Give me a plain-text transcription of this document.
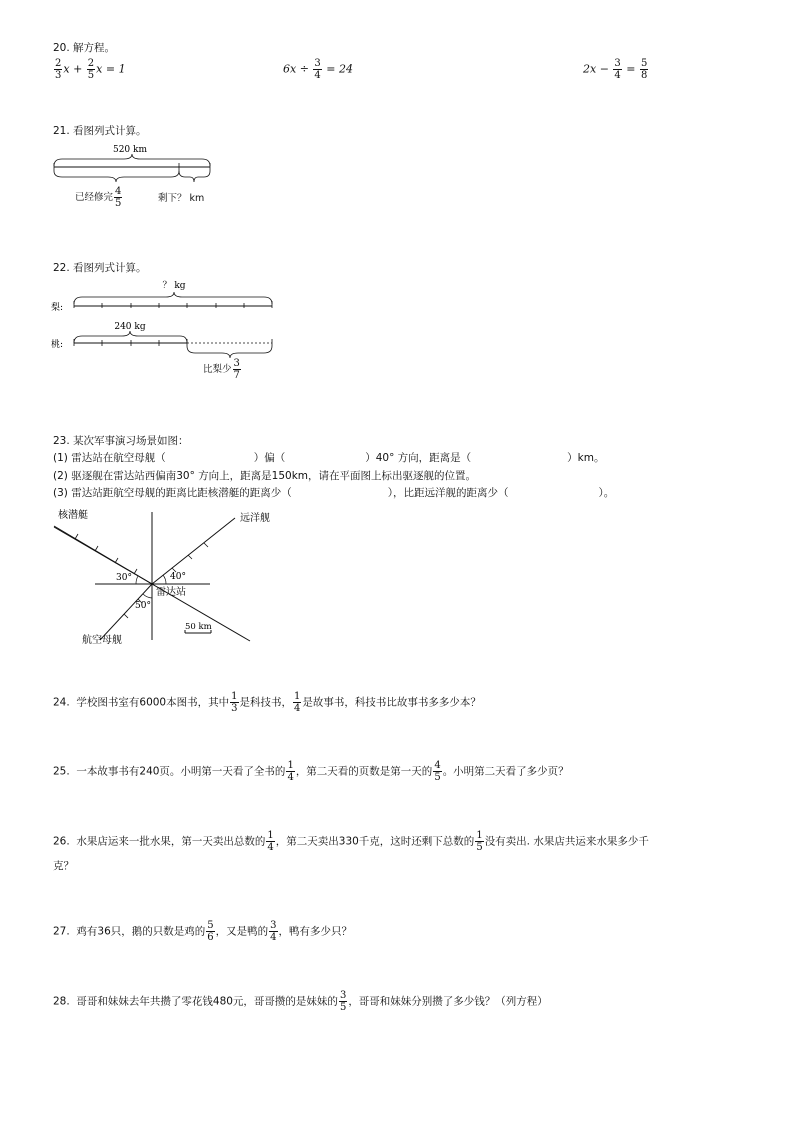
20. 解方程。
$\frac{2}{3}$ $x + \frac{2}{5}$ x = 1	$6x \div \frac{3}{4} = 24$	$2x - \frac{3}{4} = \frac{5}{8}$
21. 看图列式计算。
520 km
已经修完 $\frac{4}{5}$	剩下？ km
22. 看图列式计算。
梨:
？ kg
桃:
240 kg
比梨少 $\frac{3}{7}$
23. 某次军事演习场景如图：
(1) 雷达站在航空母舰（	）偏（	）40° 方向，距离是（	）km。
(2) 驱逐舰在雷达站西偏南30° 方向上，距离是150km，请在平面图上标出驱逐舰的位置。
(3) 雷达站距航空母舰的距离比距核潜艇的距离少（	），比距远洋舰的距离少（	）。
30°	40°
50°
核潜艇	远洋舰
雷达站
航空母舰
50 km
24. 学校图书室有6000本图书，其中 $\frac{1}{3}$ 是科技书， $\frac{1}{4}$ 是故事书，科技书比故事书多多少本？
25. 一本故事书有240页。小明第一天看了全书的 $\frac{1}{4}$ ，第二天看的页数是第一天的 $\frac{4}{5}$ 。小明第二天看了多少页？
26. 水果店运来一批水果，第一天卖出总数的 $\frac{1}{4}$ ，第二天卖出330千克，这时还剩下总数的 $\frac{1}{5}$ 没有卖出. 水果店共运来水果多少千
克？
27. 鸡有36只，鹅的只数是鸡的 $\frac{5}{6}$ ，又是鸭的 $\frac{3}{4}$ ，鸭有多少只？
28. 哥哥和妹妹去年共攒了零花钱480元，哥哥攒的是妹妹的 $\frac{3}{5}$ ，哥哥和妹妹分别攒了多少钱？（列方程）
